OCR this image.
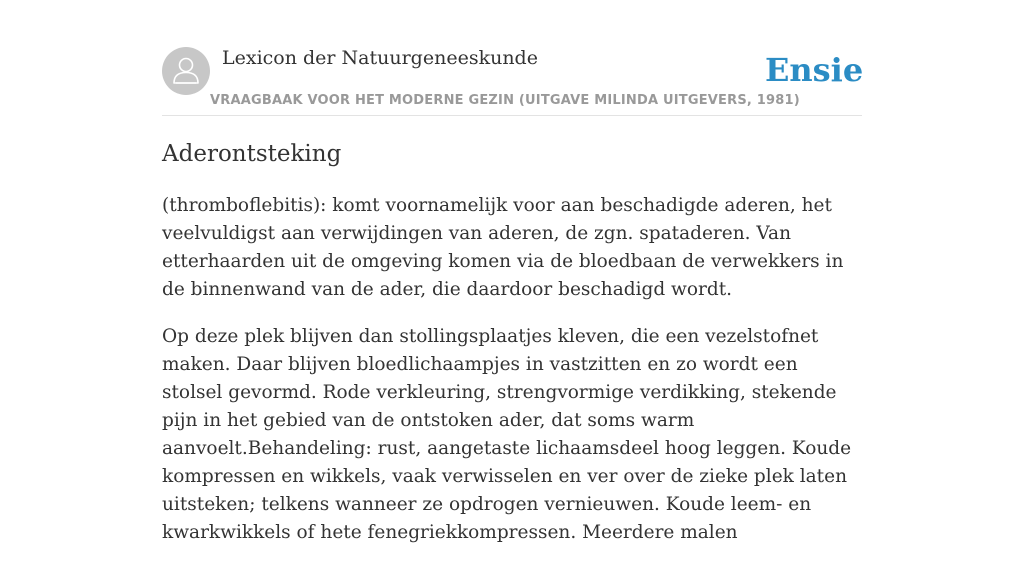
Lexicon der Natuurgeneeskunde
VRAAGBAAK VOOR HET MODERNE GEZIN (UITGAVE MILINDA UITGEVERS, 1981)
Ensie
Aderontsteking

(thromboflebitis): komt voornamelijk voor aan beschadigde aderen, het veelvuldigst aan verwijdingen van aderen, de zgn. spataderen. Van etterhaarden uit de omgeving komen via de bloedbaan de verwekkers in de binnenwand van de ader, die daardoor beschadigd wordt.

Op deze plek blijven dan stollingsplaatjes kleven, die een vezelstofnet maken. Daar blijven bloedlichaampjes in vastzitten en zo wordt een stolsel gevormd. Rode verkleuring, strengvormige verdikking, stekende pijn in het gebied van de ontstoken ader, dat soms warm aanvoelt.Behandeling: rust, aangetaste lichaamsdeel hoog leggen. Koude kompressen en wikkels, vaak verwisselen en ver over de zieke plek laten uitsteken; telkens wanneer ze opdrogen vernieuwen. Koude leem- en kwarkwikkels of hete fenegriekkompressen. Meerdere malen
